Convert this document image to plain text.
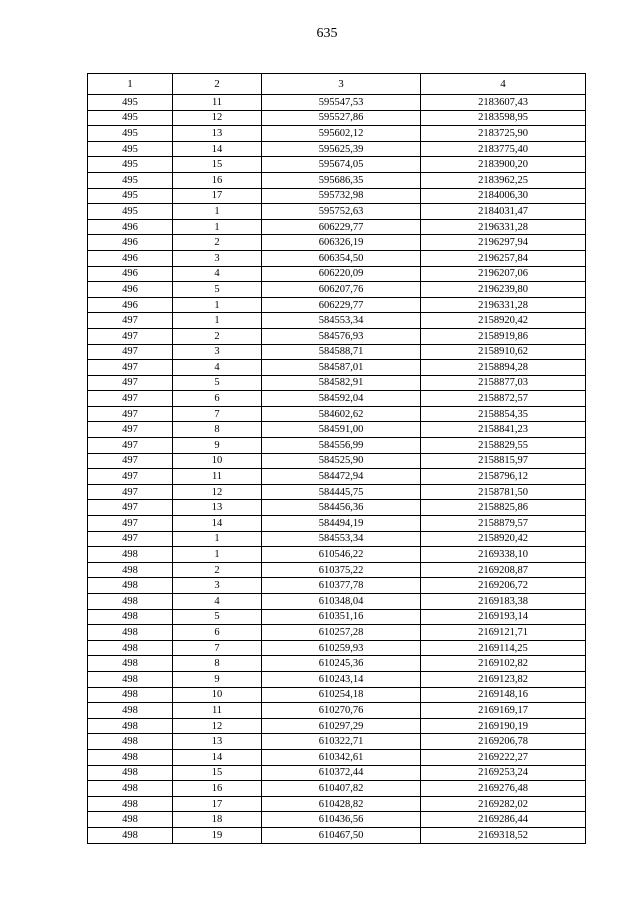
635
1	2	3	4
495	11	595547,53	2183607,43
495	12	595527,86	2183598,95
495	13	595602,12	2183725,90
495	14	595625,39	2183775,40
495	15	595674,05	2183900,20
495	16	595686,35	2183962,25
495	17	595732,98	2184006,30
495	1	595752,63	2184031,47
496	1	606229,77	2196331,28
496	2	606326,19	2196297,94
496	3	606354,50	2196257,84
496	4	606220,09	2196207,06
496	5	606207,76	2196239,80
496	1	606229,77	2196331,28
497	1	584553,34	2158920,42
497	2	584576,93	2158919,86
497	3	584588,71	2158910,62
497	4	584587,01	2158894,28
497	5	584582,91	2158877,03
497	6	584592,04	2158872,57
497	7	584602,62	2158854,35
497	8	584591,00	2158841,23
497	9	584556,99	2158829,55
497	10	584525,90	2158815,97
497	11	584472,94	2158796,12
497	12	584445,75	2158781,50
497	13	584456,36	2158825,86
497	14	584494,19	2158879,57
497	1	584553,34	2158920,42
498	1	610546,22	2169338,10
498	2	610375,22	2169208,87
498	3	610377,78	2169206,72
498	4	610348,04	2169183,38
498	5	610351,16	2169193,14
498	6	610257,28	2169121,71
498	7	610259,93	2169114,25
498	8	610245,36	2169102,82
498	9	610243,14	2169123,82
498	10	610254,18	2169148,16
498	11	610270,76	2169169,17
498	12	610297,29	2169190,19
498	13	610322,71	2169206,78
498	14	610342,61	2169222,27
498	15	610372,44	2169253,24
498	16	610407,82	2169276,48
498	17	610428,82	2169282,02
498	18	610436,56	2169286,44
498	19	610467,50	2169318,52
